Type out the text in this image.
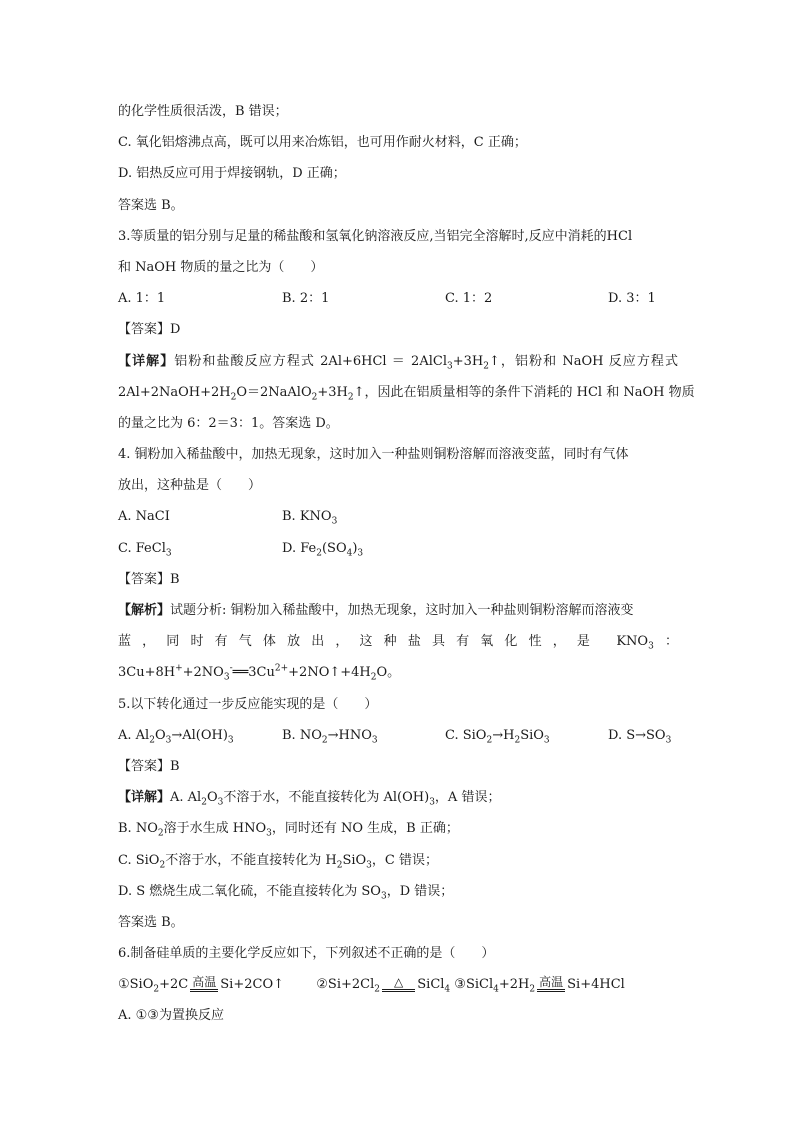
的化学性质很活泼，B 错误；
C. 氧化铝熔沸点高，既可以用来冶炼铝，也可用作耐火材料，C 正确；
D. 铝热反应可用于焊接钢轨，D 正确；
答案选 B。
3.等质量的铝分别与足量的稀盐酸和氢氧化钠溶液反应,当铝完全溶解时,反应中消耗的HCl
和 NaOH 物质的量之比为（　　）
A. 1：1	B. 2：1	C. 1：2	D. 3：1
【答案】D
【详解】铝粉和盐酸反应方程式 $2Al+6HCl = 2AlCl_3+3H_2↑$，铝粉和 NaOH 反应方程式
$2Al+2NaOH+2H_2O=2NaAlO_2+3H_2↑$，因此在铝质量相等的条件下消耗的 HCl 和 NaOH 物质
的量之比为 6：2＝3：1。答案选 D。
4. 铜粉加入稀盐酸中，加热无现象，这时加入一种盐则铜粉溶解而溶液变蓝，同时有气体
放出，这种盐是（　　）
A. NaCI	B. $KNO_3$
C. FeCl$_3$	D. $Fe_2(SO_4)_3$
【答案】B
【解析】试题分析: 铜粉加入稀盐酸中，加热无现象，这时加入一种盐则铜粉溶解而溶液变
蓝，同时有气体放出，这种盐具有氧化性，是 $KNO_3$：
$3Cu+8H^++2NO_3^-══3Cu^{2+}+2NO↑+4H_2O$。
5.以下转化通过一步反应能实现的是（　　）
A. $Al_2O_3\to Al(OH)_3$	B. $NO_2\to HNO_3$	C. $SiO_2\to H_2SiO_3$	D. $S\to SO_3$
【答案】B
【详解】A. $Al_2O_3$不溶于水，不能直接转化为 $Al(OH)_3$，A 错误；
B. $NO_2$溶于水生成 $HNO_3$，同时还有 NO 生成，B 正确；
C. SiO$_2$不溶于水，不能直接转化为 $H_2SiO_3$，C 错误；
D. S 燃烧生成二氧化硫，不能直接转化为 $SO_3$，D 错误；
答案选 B。
6.制备硅单质的主要化学反应如下，下列叙述不正确的是（　　）
①SiO$_2$+2C 高温 Si+2CO↑ $②Si+2Cl_2\triangle$ SiCl$_4$ $③SiCl_4+2H_2$高温 Si+4HCl
A. ①③为置换反应
